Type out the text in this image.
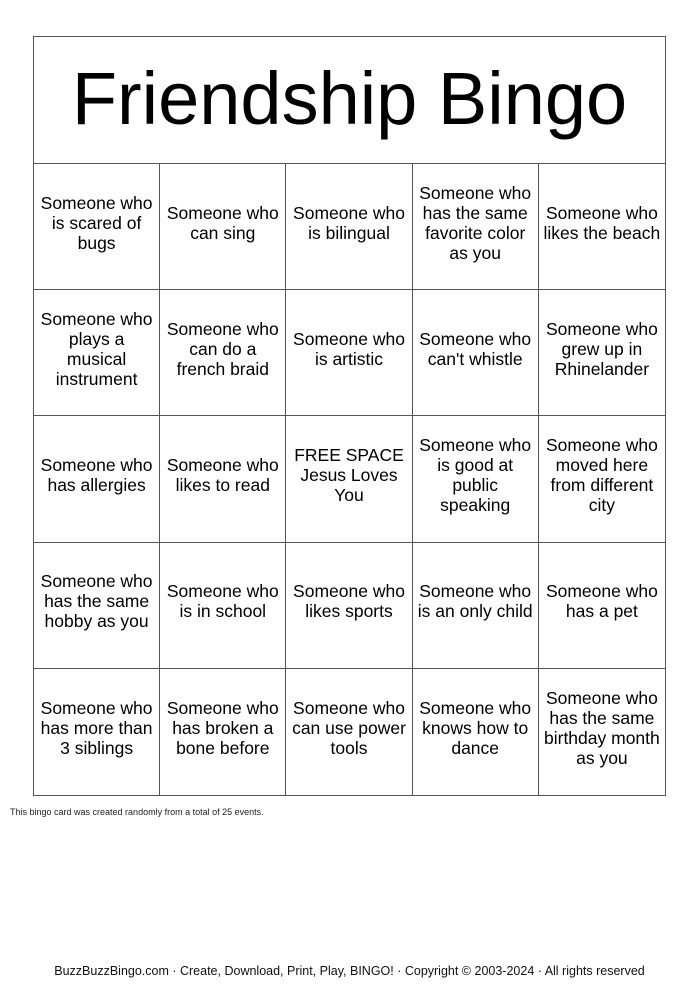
Friendship Bingo
Someone who is scared of bugs
Someone who can sing
Someone who is bilingual
Someone who has the same favorite color as you
Someone who likes the beach
Someone who plays a musical instrument
Someone who can do a french braid
Someone who is artistic
Someone who can't whistle
Someone who grew up in Rhinelander
Someone who has allergies
Someone who likes to read
FREE SPACE Jesus Loves You
Someone who is good at public speaking
Someone who moved here from different city
Someone who has the same hobby as you
Someone who is in school
Someone who likes sports
Someone who is an only child
Someone who has a pet
Someone who has more than 3 siblings
Someone who has broken a bone before
Someone who can use power tools
Someone who knows how to dance
Someone who has the same birthday month as you
This bingo card was created randomly from a total of 25 events.
BuzzBuzzBingo.com · Create, Download, Print, Play, BINGO! · Copyright © 2003-2024 · All rights reserved
